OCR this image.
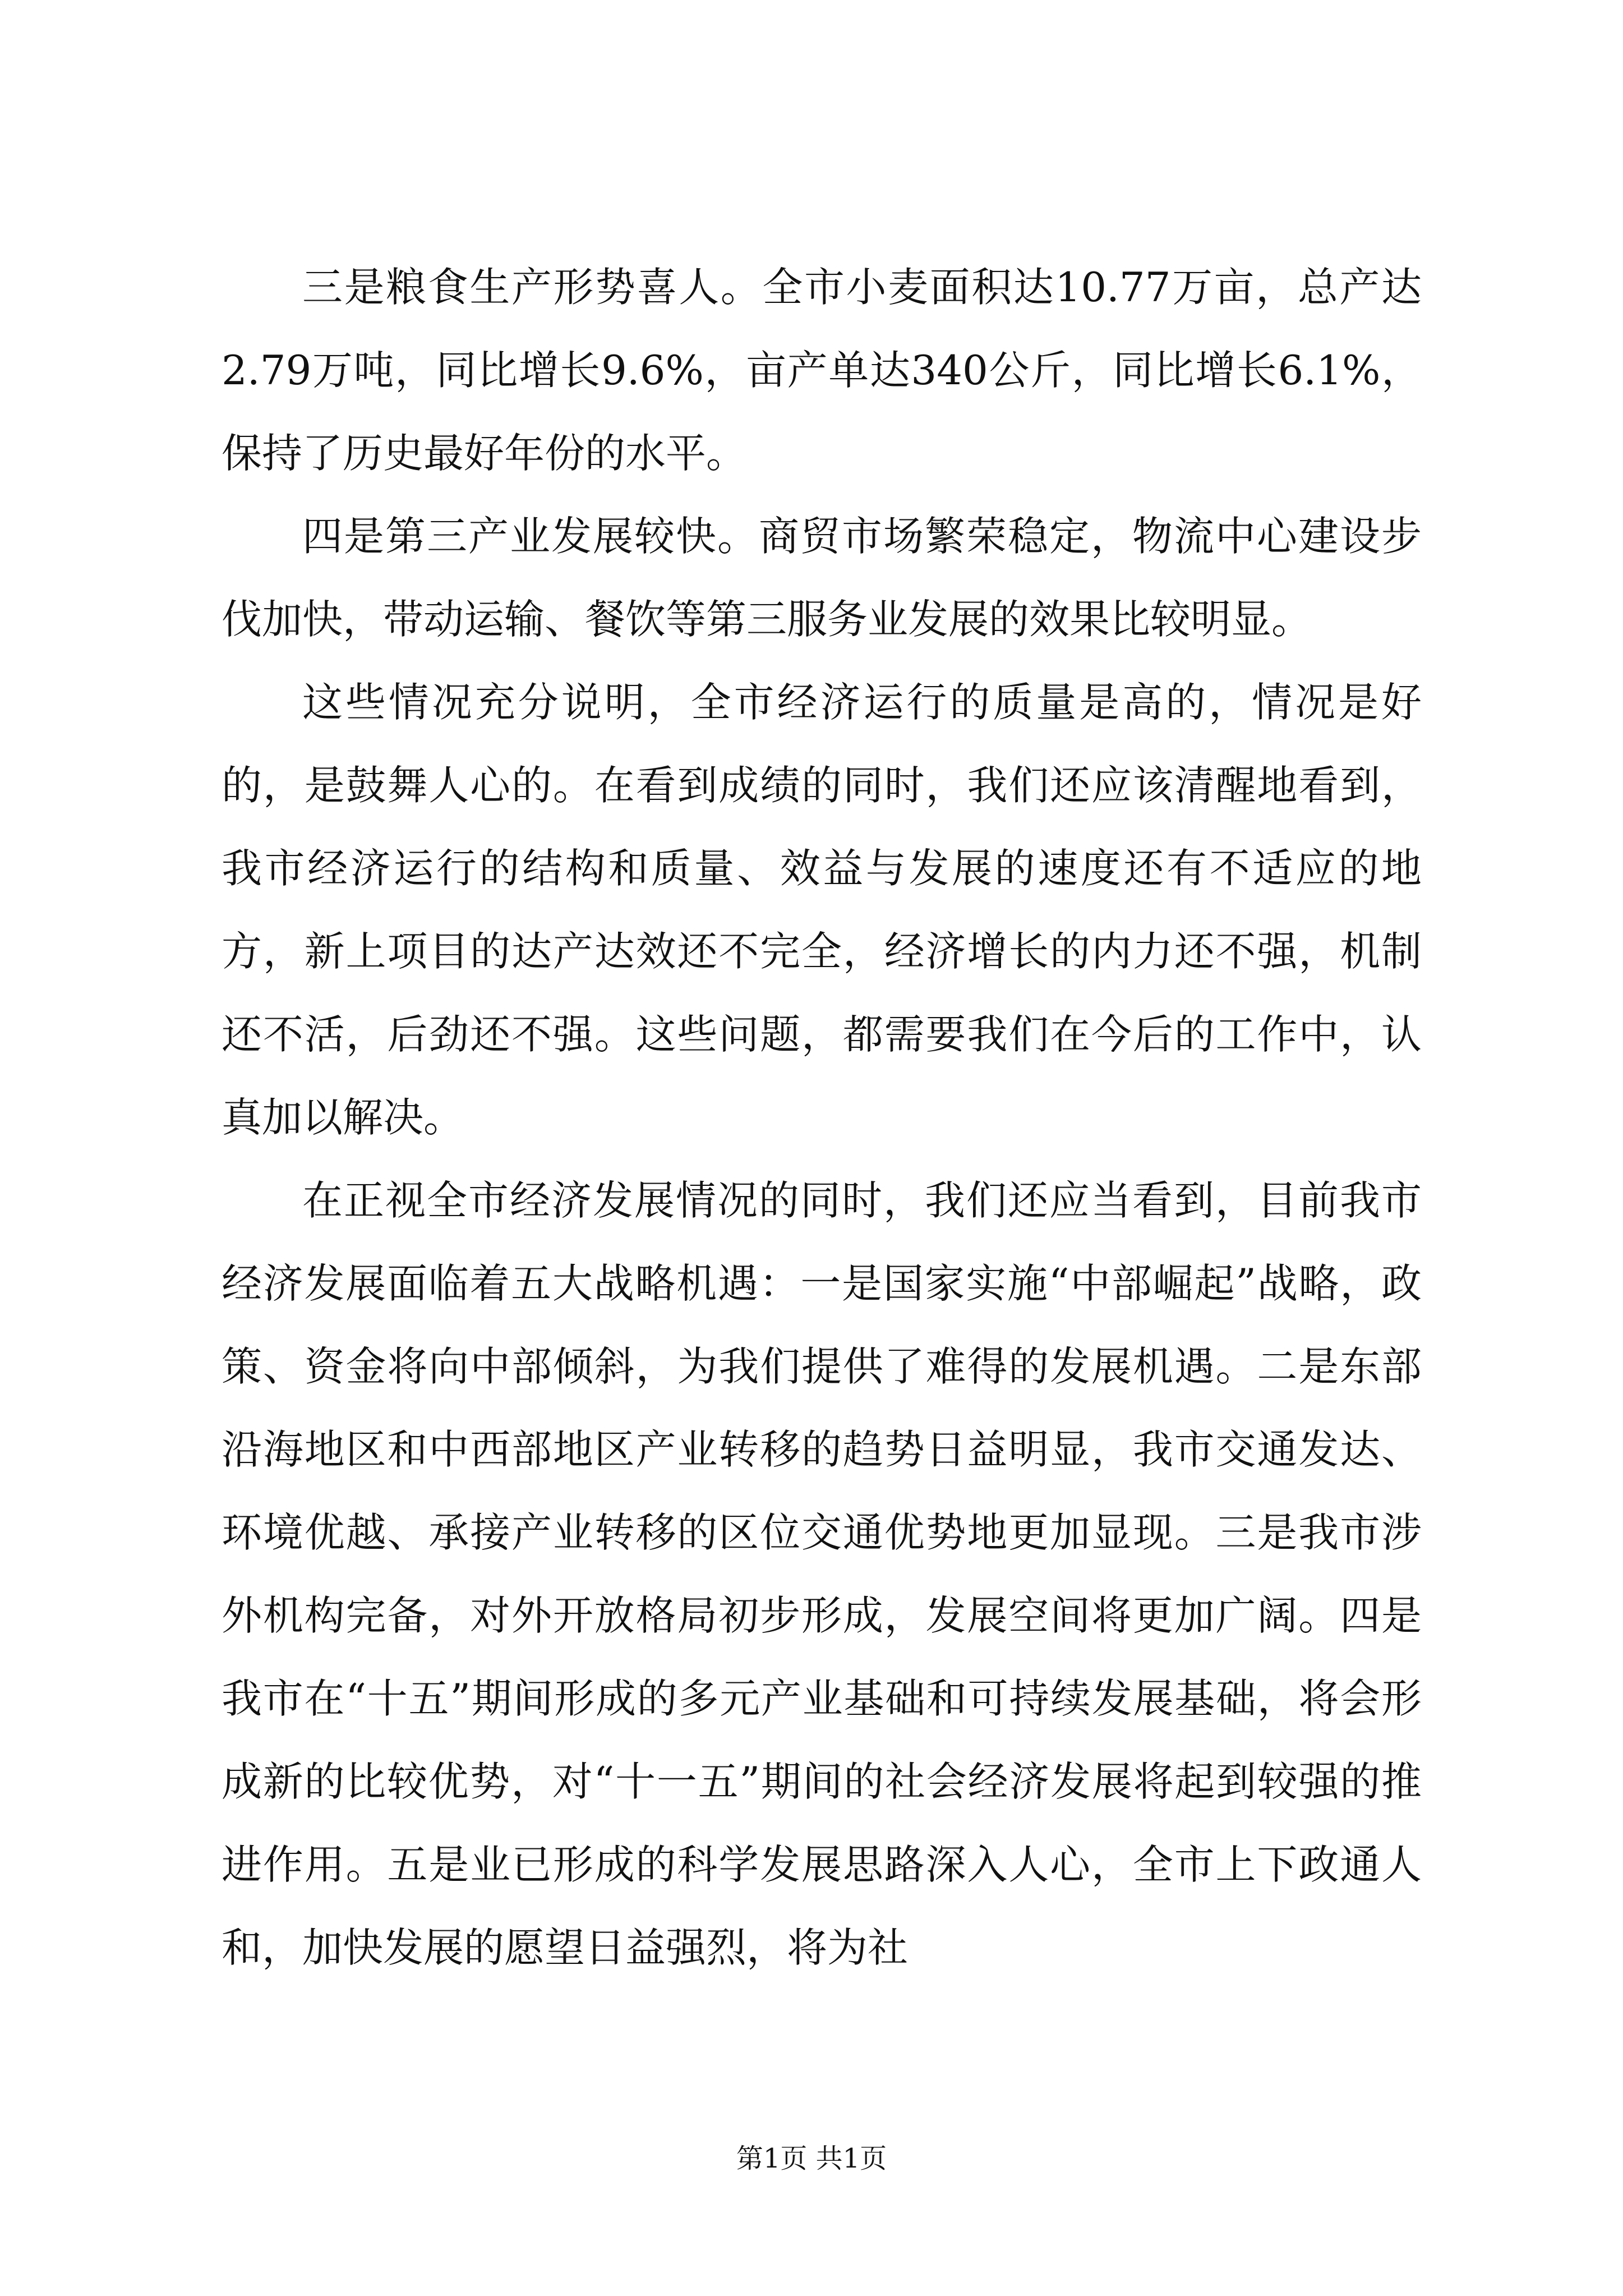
三是粮食生产形势喜人。全市小麦面积达10.77万亩，总产达2.79万吨，同比增长9.6%，亩产单达340公斤，同比增长6.1%，保持了历史最好年份的水平。

四是第三产业发展较快。商贸市场繁荣稳定，物流中心建设步伐加快，带动运输、餐饮等第三服务业发展的效果比较明显。

这些情况充分说明，全市经济运行的质量是高的，情况是好的，是鼓舞人心的。在看到成绩的同时，我们还应该清醒地看到，我市经济运行的结构和质量、效益与发展的速度还有不适应的地方，新上项目的达产达效还不完全，经济增长的内力还不强，机制还不活，后劲还不强。这些问题，都需要我们在今后的工作中，认真加以解决。

在正视全市经济发展情况的同时，我们还应当看到，目前我市经济发展面临着五大战略机遇：一是国家实施“中部崛起”战略，政策、资金将向中部倾斜，为我们提供了难得的发展机遇。二是东部沿海地区和中西部地区产业转移的趋势日益明显，我市交通发达、环境优越、承接产业转移的区位交通优势地更加显现。三是我市涉外机构完备，对外开放格局初步形成，发展空间将更加广阔。四是我市在“十五”期间形成的多元产业基础和可持续发展基础，将会形成新的比较优势，对“十一五”期间的社会经济发展将起到较强的推进作用。五是业已形成的科学发展思路深入人心，全市上下政通人和，加快发展的愿望日益强烈，将为社

第1页 共1页
